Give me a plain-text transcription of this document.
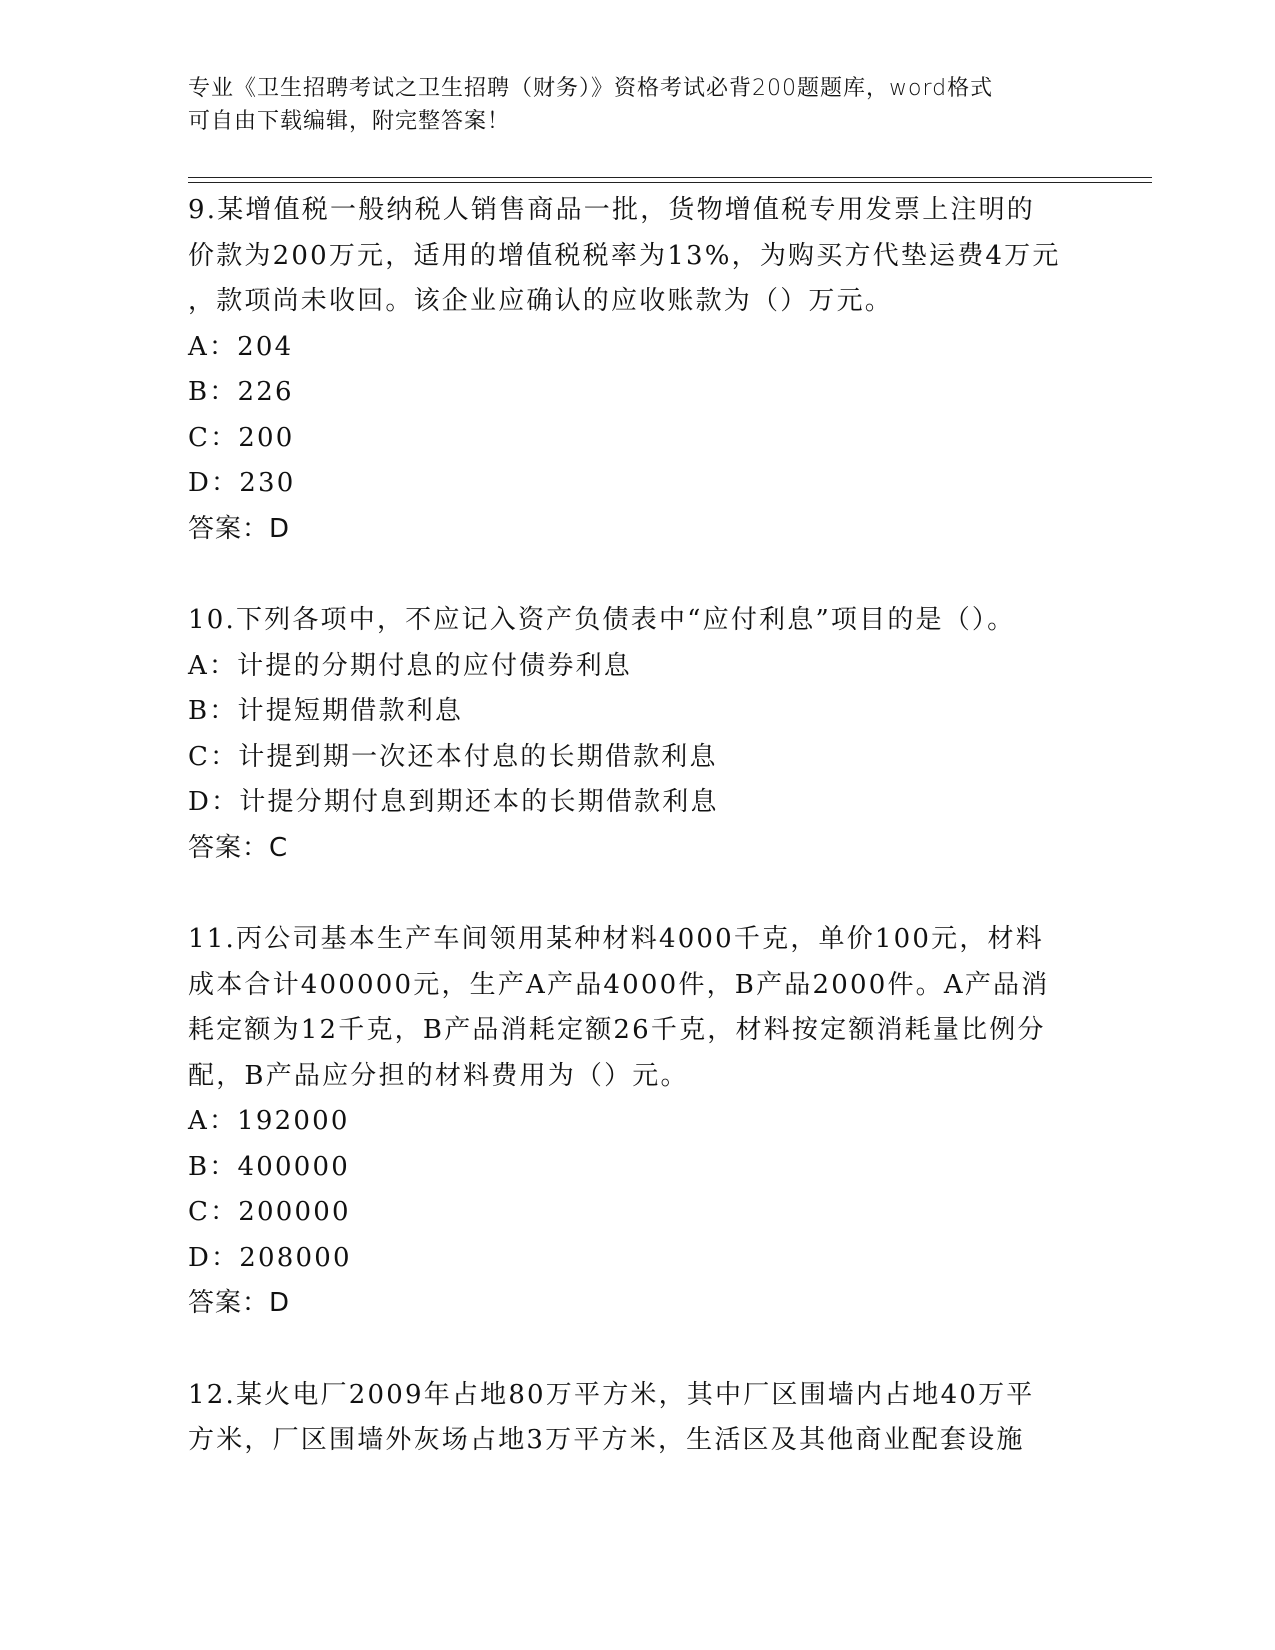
专业《卫生招聘考试之卫生招聘（财务）》资格考试必背200题题库，word格式
可自由下载编辑，附完整答案！

9.某增值税一般纳税人销售商品一批，货物增值税专用发票上注明的

价款为200万元，适用的增值税税率为13%，为购买方代垫运费4万元

，款项尚未收回。该企业应确认的应收账款为（）万元。

A：204

B：226

C：200

D：230

答案：D

10.下列各项中，不应记入资产负债表中“应付利息”项目的是（）。

A：计提的分期付息的应付债券利息

B：计提短期借款利息

C：计提到期一次还本付息的长期借款利息

D：计提分期付息到期还本的长期借款利息

答案：C

11.丙公司基本生产车间领用某种材料4000千克，单价100元，材料

成本合计400000元，生产A产品4000件，B产品2000件。A产品消

耗定额为12千克，B产品消耗定额26千克，材料按定额消耗量比例分

配，B产品应分担的材料费用为（）元。

A：192000

B：400000

C：200000

D：208000

答案：D

12.某火电厂2009年占地80万平方米，其中厂区围墙内占地40万平

方米，厂区围墙外灰场占地3万平方米，生活区及其他商业配套设施
